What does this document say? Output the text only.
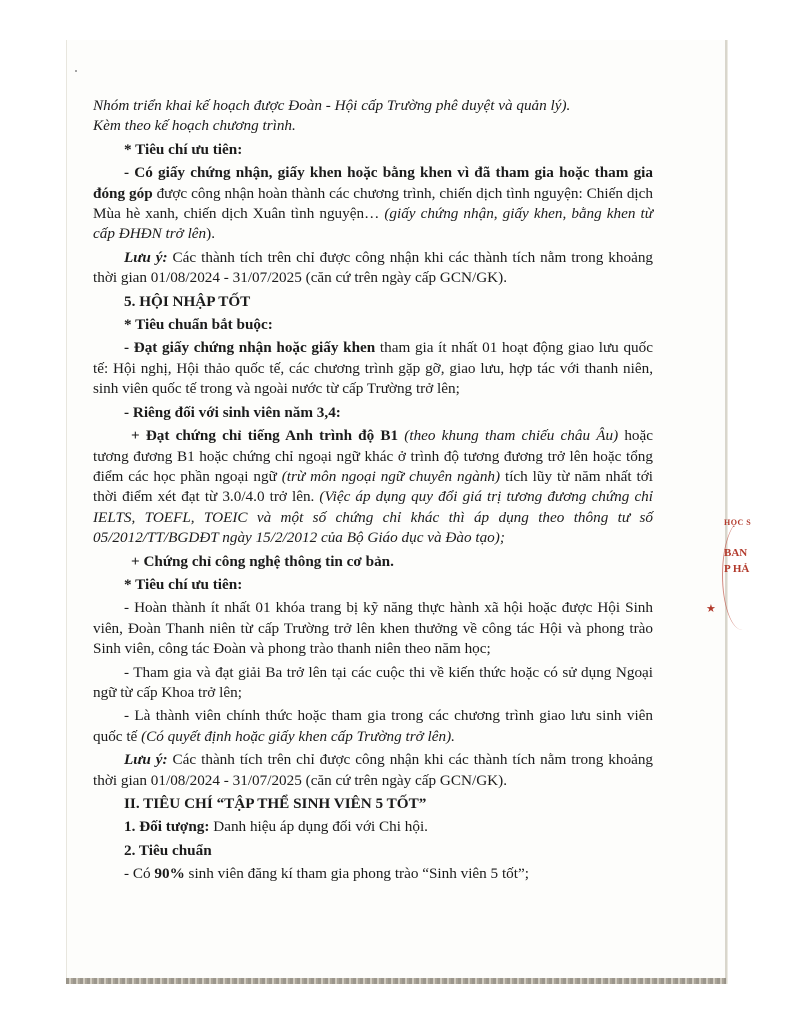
Nhóm triển khai kế hoạch được Đoàn - Hội cấp Trường phê duyệt và quản lý).

Kèm theo kế hoạch chương trình.

* Tiêu chí ưu tiên:

- Có giấy chứng nhận, giấy khen hoặc bằng khen vì đã tham gia hoặc tham gia đóng góp được công nhận hoàn thành các chương trình, chiến dịch tình nguyện: Chiến dịch Mùa hè xanh, chiến dịch Xuân tình nguyện… (giấy chứng nhận, giấy khen, bằng khen từ cấp ĐHĐN trở lên).

Lưu ý: Các thành tích trên chỉ được công nhận khi các thành tích nằm trong khoảng thời gian 01/08/2024 - 31/07/2025 (căn cứ trên ngày cấp GCN/GK).

5. HỘI NHẬP TỐT

* Tiêu chuẩn bắt buộc:

- Đạt giấy chứng nhận hoặc giấy khen tham gia ít nhất 01 hoạt động giao lưu quốc tế: Hội nghị, Hội thảo quốc tế, các chương trình gặp gỡ, giao lưu, hợp tác với thanh niên, sinh viên quốc tế trong và ngoài nước từ cấp Trường trở lên;

- Riêng đối với sinh viên năm 3,4:

+ Đạt chứng chỉ tiếng Anh trình độ B1 (theo khung tham chiếu châu Âu) hoặc tương đương B1 hoặc chứng chỉ ngoại ngữ khác ở trình độ tương đương trở lên hoặc tổng điểm các học phần ngoại ngữ (trừ môn ngoại ngữ chuyên ngành) tích lũy từ năm nhất tới thời điểm xét đạt từ 3.0/4.0 trở lên. (Việc áp dụng quy đổi giá trị tương đương chứng chỉ IELTS, TOEFL, TOEIC và một số chứng chỉ khác thì áp dụng theo thông tư số 05/2012/TT/BGDĐT ngày 15/2/2012 của Bộ Giáo dục và Đào tạo);

+ Chứng chỉ công nghệ thông tin cơ bản.

* Tiêu chí ưu tiên:

- Hoàn thành ít nhất 01 khóa trang bị kỹ năng thực hành xã hội hoặc được Hội Sinh viên, Đoàn Thanh niên từ cấp Trường trở lên khen thưởng về công tác Hội và phong trào Sinh viên, công tác Đoàn và phong trào thanh niên theo năm học;

- Tham gia và đạt giải Ba trở lên tại các cuộc thi về kiến thức hoặc có sử dụng Ngoại ngữ từ cấp Khoa trở lên;

- Là thành viên chính thức hoặc tham gia trong các chương trình giao lưu sinh viên quốc tế (Có quyết định hoặc giấy khen cấp Trường trở lên).

Lưu ý: Các thành tích trên chỉ được công nhận khi các thành tích nằm trong khoảng thời gian 01/08/2024 - 31/07/2025 (căn cứ trên ngày cấp GCN/GK).

II. TIÊU CHÍ “TẬP THỂ SINH VIÊN 5 TỐT”

1. Đối tượng: Danh hiệu áp dụng đối với Chi hội.

2. Tiêu chuẩn

- Có 90% sinh viên đăng kí tham gia phong trào “Sinh viên 5 tốt”;

HỌC S
BAN
P HẢ
★
